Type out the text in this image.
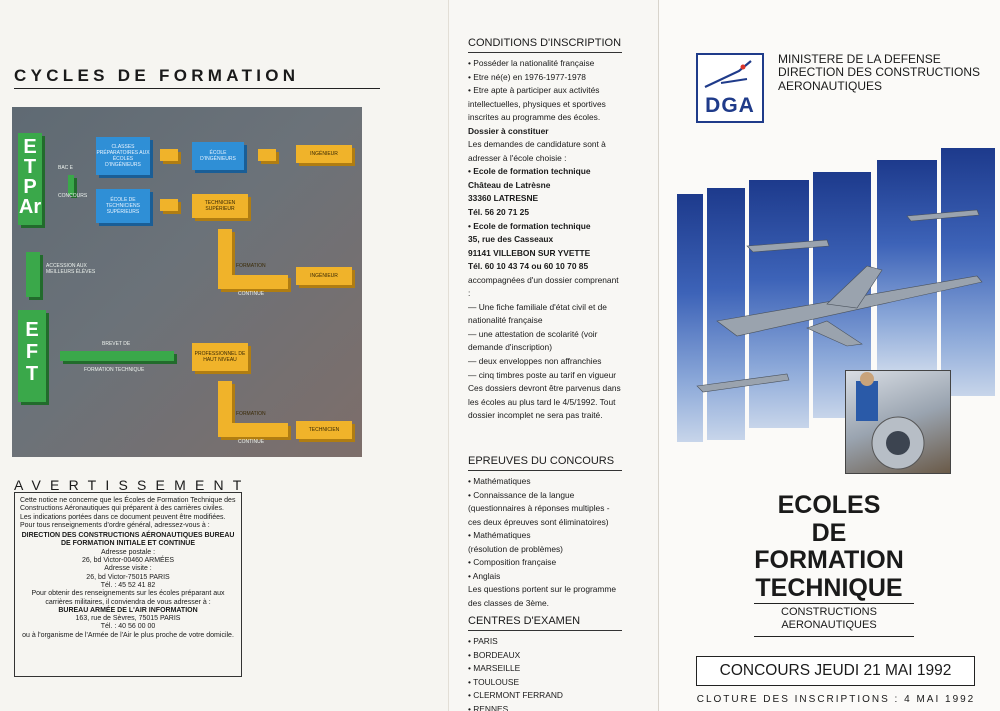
CYCLES DE FORMATION
E
T
P
Ar
ACCESSION AUX MEILLEURS ÉLÈVES
E
F
T
BAC E
CONCOURS
CLASSES PRÉPARATOIRES AUX ÉCOLES D'INGÉNIEURS
ÉCOLE D'INGÉNIEURS
INGÉNIEUR
ÉCOLE DE TECHNICIENS SUPÉRIEURS
TECHNICIEN SUPÉRIEUR
FORMATION
CONTINUE
INGÉNIEUR
BREVET DE
FORMATION TECHNIQUE
PROFESSIONNEL DE HAUT NIVEAU
FORMATION
CONTINUE
TECHNICIEN
AVERTISSEMENT
Cette notice ne concerne que les Écoles de Formation Technique des Constructions Aéronautiques qui préparent à des carrières civiles. Les indications portées dans ce document peuvent être modifiées. Pour tous renseignements d'ordre général, adressez-vous à :
DIRECTION DES CONSTRUCTIONS AÉRONAUTIQUES BUREAU DE FORMATION INITIALE ET CONTINUE
Adresse postale :
26, bd Victor-00460 ARMÉES
Adresse visite :
26, bd Victor-75015 PARIS
Tél. : 45 52 41 82
Pour obtenir des renseignements sur les écoles préparant aux carrières militaires, il conviendra de vous adresser à :
BUREAU ARMÉE DE L'AIR INFORMATION
163, rue de Sèvres, 75015 PARIS
Tél. : 40 56 00 00
ou à l'organisme de l'Armée de l'Air le plus proche de votre domicile.
CONDITIONS D'INSCRIPTION
• Posséder la nationalité française
• Etre né(e) en 1976-1977-1978
• Etre apte à participer aux activités intellectuelles, physiques et sportives inscrites au programme des écoles.
Dossier à constituer
Les demandes de candidature sont à adresser à l'école choisie :
• Ecole de formation technique
Château de Latrèsne
33360 LATRESNE
Tél. 56 20 71 25
• Ecole de formation technique
35, rue des Casseaux
91141 VILLEBON SUR YVETTE
Tél. 60 10 43 74 ou 60 10 70 85
accompagnées d'un dossier comprenant :
— Une fiche familiale d'état civil et de nationalité française
— une attestation de scolarité (voir demande d'inscription)
— deux enveloppes non affranchies
— cinq timbres poste au tarif en vigueur
Ces dossiers devront être parvenus dans les écoles au plus tard le 4/5/1992. Tout dossier incomplet ne sera pas traité.
EPREUVES DU CONCOURS
• Mathématiques
• Connaissance de la langue
(questionnaires à réponses multiples - ces deux épreuves sont éliminatoires)
• Mathématiques
(résolution de problèmes)
• Composition française
• Anglais
Les questions portent sur le programme des classes de 3ème.
CENTRES D'EXAMEN
• PARIS
• BORDEAUX
• MARSEILLE
• TOULOUSE
• CLERMONT FERRAND
• RENNES
DGA
MINISTERE DE LA DEFENSE
DIRECTION DES CONSTRUCTIONS
AERONAUTIQUES
ECOLES
DE
FORMATION
TECHNIQUE
CONSTRUCTIONS
AERONAUTIQUES
CONCOURS JEUDI 21 MAI 1992
CLOTURE DES INSCRIPTIONS : 4 MAI 1992
